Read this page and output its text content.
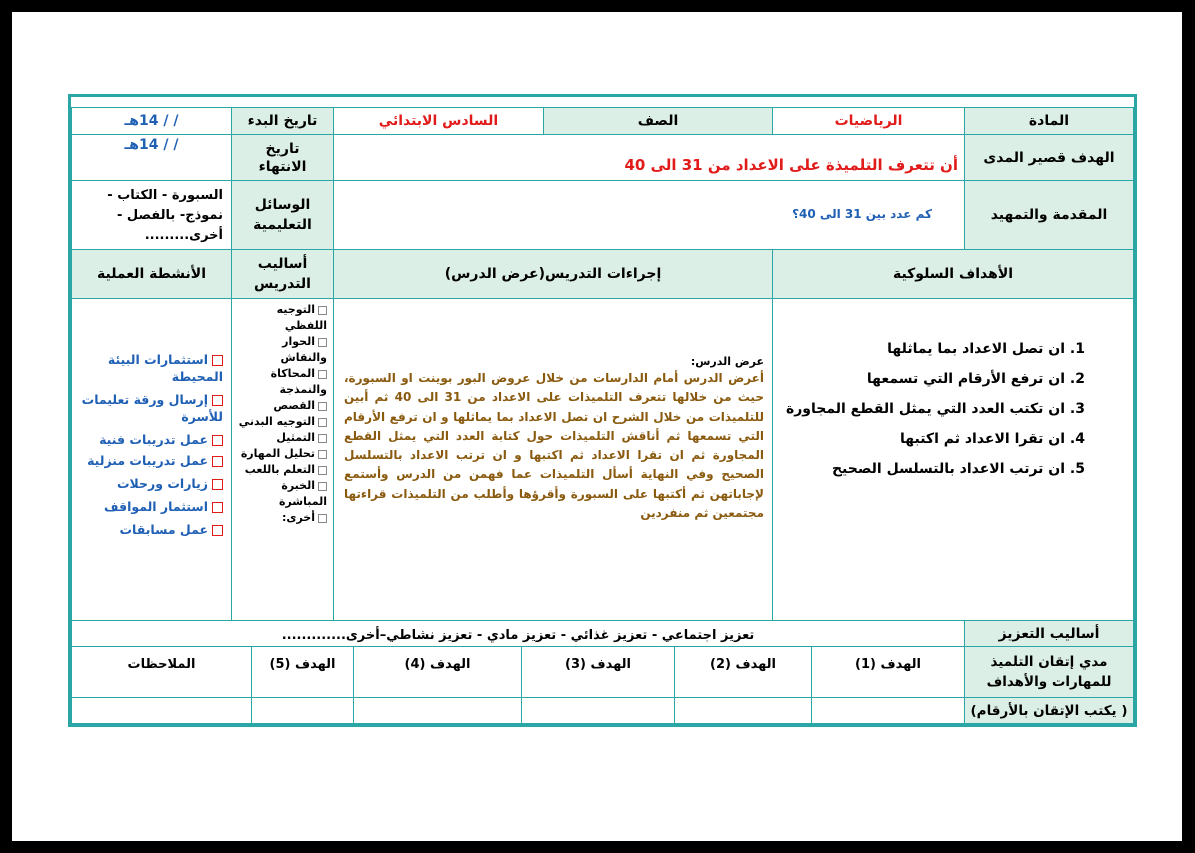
المادة
الرياضيات
الصف
السادس الابتدائي
تاريخ البدء
/ / 14هـ
الهدف قصير المدى
أن تتعرف التلميذة على الاعداد من 31 الى 40
تاريخ الانتهاء
/ / 14هـ
المقدمة والتمهيد
كم عدد بين 31 الى 40؟
الوسائل التعليمية
السبورة - الكتاب - نموذج- بالفصل - أخرى.........
الأهداف السلوكية
إجراءات التدريس(عرض الدرس)
أساليب التدريس
الأنشطة العملية
1. ان تصل الاعداد بما يماثلها
2. ان ترفع الأرقام التي تسمعها
3. ان تكتب العدد التي يمثل القطع المجاورة
4. ان تقرا الاعداد ثم اكتبها
5. ان ترتب الاعداد بالتسلسل الصحيح
عرض الدرس:
أعرض الدرس أمام الدارسات من خلال عروض البور بوينت او السبورة، حيث من خلالها تتعرف التلميذات على الاعداد من 31 الى 40 ثم أبين للتلميذات من خلال الشرح ان تصل الاعداد بما يماثلها و ان ترفع الأرقام التي تسمعها ثم أناقش التلميذات حول كتابة العدد التي يمثل القطع المجاورة ثم ان تقرا الاعداد ثم اكتبها و ان ترتب الاعداد بالتسلسل الصحيح وفي النهاية أسأل التلميذات عما فهمن من الدرس وأستمع لإجاباتهن ثم أكتبها على السبورة وأقرؤها وأطلب من التلميذات قراءتها مجتمعين ثم منفردين
التوجيه اللفظي
الحوار والنقاش
المحاكاة والنمذجة
القصص
التوجيه البدني
التمثيل
تحليل المهارة
التعلم باللعب
الخبرة المباشرة
أخرى:
استثمارات البيئة المحيطة
إرسال ورقة تعليمات للأسرة
عمل تدريبات فنية
عمل تدريبات منزلية
زيارات ورحلات
استثمار المواقف
عمل مسابقات
أساليب التعزيز
تعزيز اجتماعي - تعزيز غذائي - تعزيز مادي - تعزيز نشاطي–أخرى.............
مدي إتقان التلميذ للمهارات والأهداف
الهدف (1)
الهدف (2)
الهدف (3)
الهدف (4)
الهدف (5)
الملاحظات
( يكتب الإتقان بالأرقام)
